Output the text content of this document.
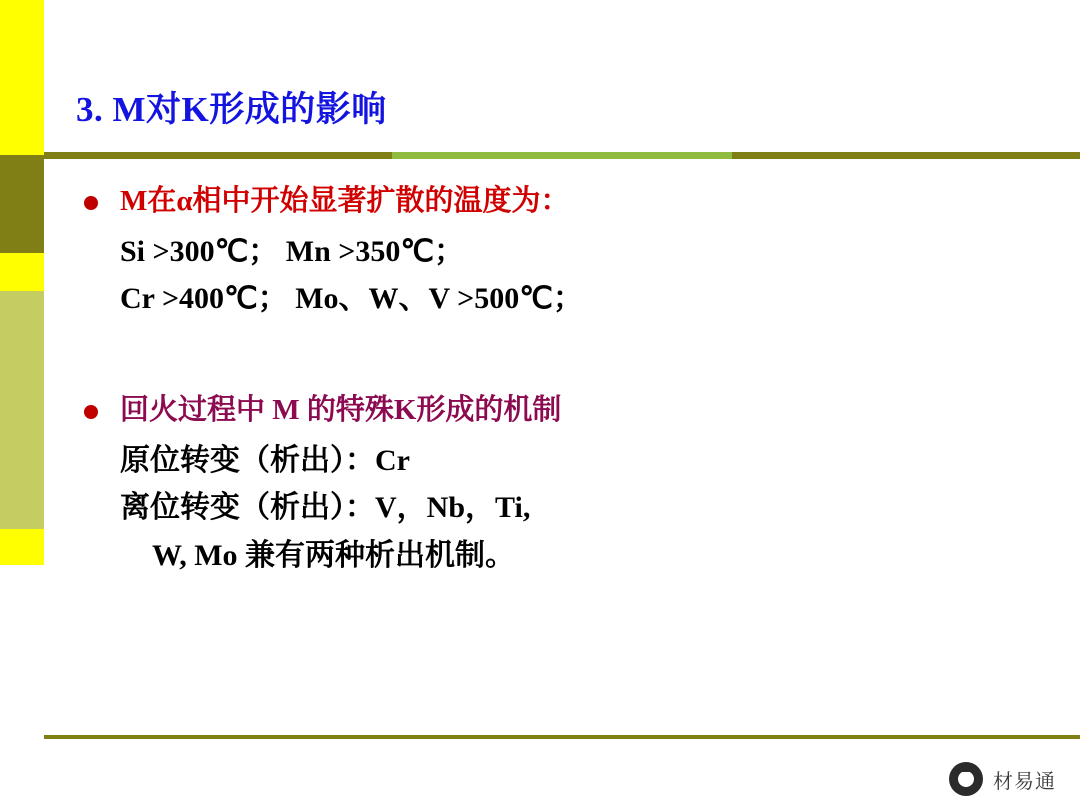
3. M对K形成的影响
M在α相中开始显著扩散的温度为：
Si >300℃； Mn >350℃；
Cr >400℃； Mo、W、V >500℃；
回火过程中 M 的特殊K形成的机制
原位转变（析出）：Cr
离位转变（析出）：V，Nb，Ti,
W, Mo 兼有两种析出机制。
材易通
